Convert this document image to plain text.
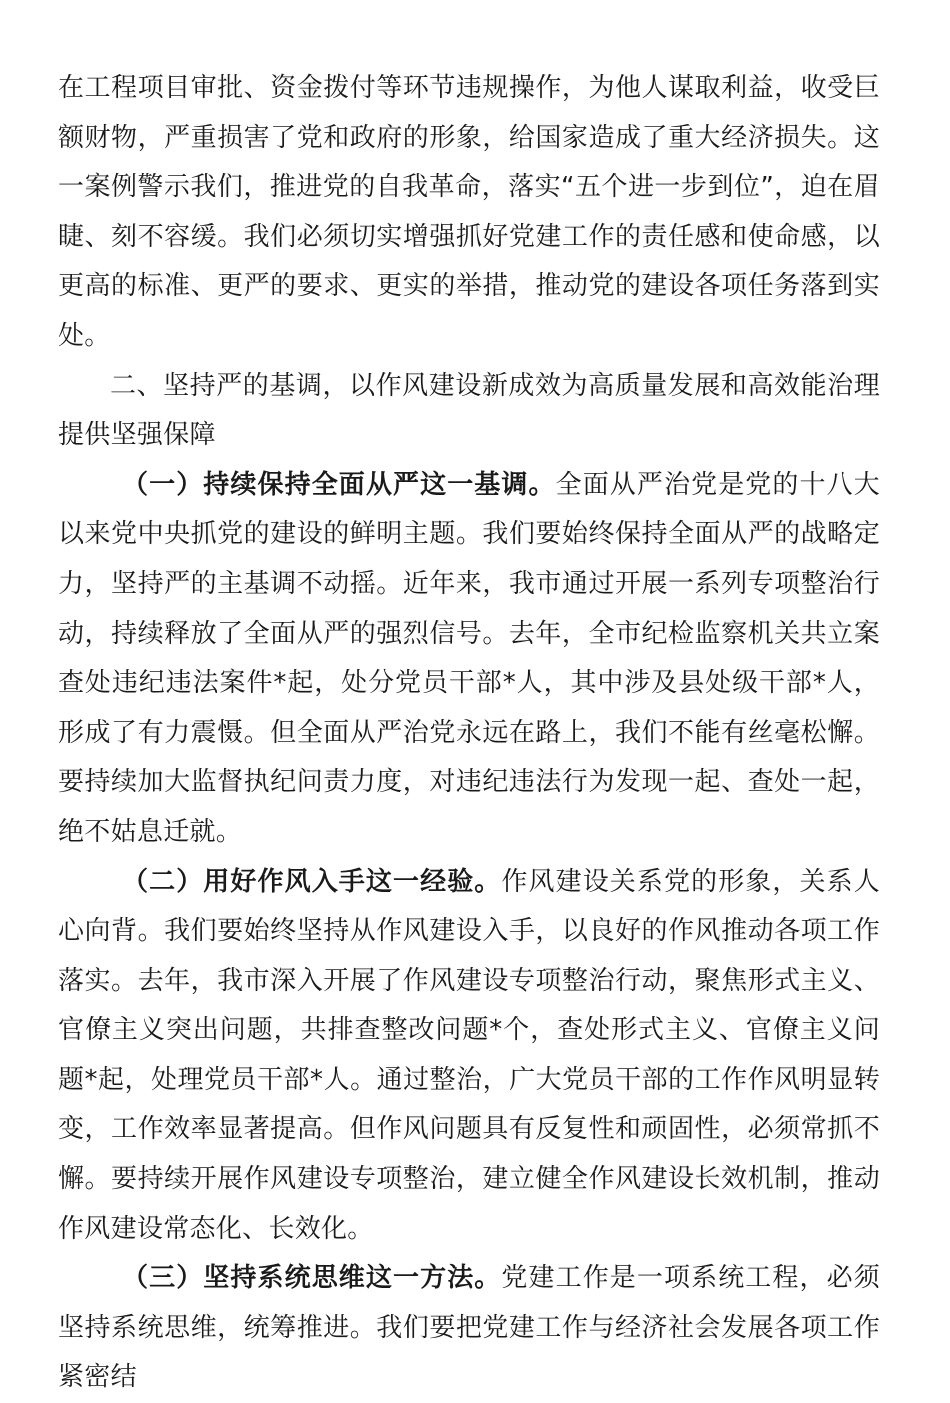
在工程项目审批、资金拨付等环节违规操作，为他人谋取利益，收受巨额财物，严重损害了党和政府的形象，给国家造成了重大经济损失。这一案例警示我们，推进党的自我革命，落实“五个进一步到位”，迫在眉睫、刻不容缓。我们必须切实增强抓好党建工作的责任感和使命感，以更高的标准、更严的要求、更实的举措，推动党的建设各项任务落到实处。

二、坚持严的基调，以作风建设新成效为高质量发展和高效能治理提供坚强保障

（一）持续保持全面从严这一基调。全面从严治党是党的十八大以来党中央抓党的建设的鲜明主题。我们要始终保持全面从严的战略定力，坚持严的主基调不动摇。近年来，我市通过开展一系列专项整治行动，持续释放了全面从严的强烈信号。去年，全市纪检监察机关共立案查处违纪违法案件*起，处分党员干部*人，其中涉及县处级干部*人，形成了有力震慑。但全面从严治党永远在路上，我们不能有丝毫松懈。要持续加大监督执纪问责力度，对违纪违法行为发现一起、查处一起，绝不姑息迁就。

（二）用好作风入手这一经验。作风建设关系党的形象，关系人心向背。我们要始终坚持从作风建设入手，以良好的作风推动各项工作落实。去年，我市深入开展了作风建设专项整治行动，聚焦形式主义、官僚主义突出问题，共排查整改问题*个，查处形式主义、官僚主义问题*起，处理党员干部*人。通过整治，广大党员干部的工作作风明显转变，工作效率显著提高。但作风问题具有反复性和顽固性，必须常抓不懈。要持续开展作风建设专项整治，建立健全作风建设长效机制，推动作风建设常态化、长效化。

（三）坚持系统思维这一方法。党建工作是一项系统工程，必须坚持系统思维，统筹推进。我们要把党建工作与经济社会发展各项工作紧密结
